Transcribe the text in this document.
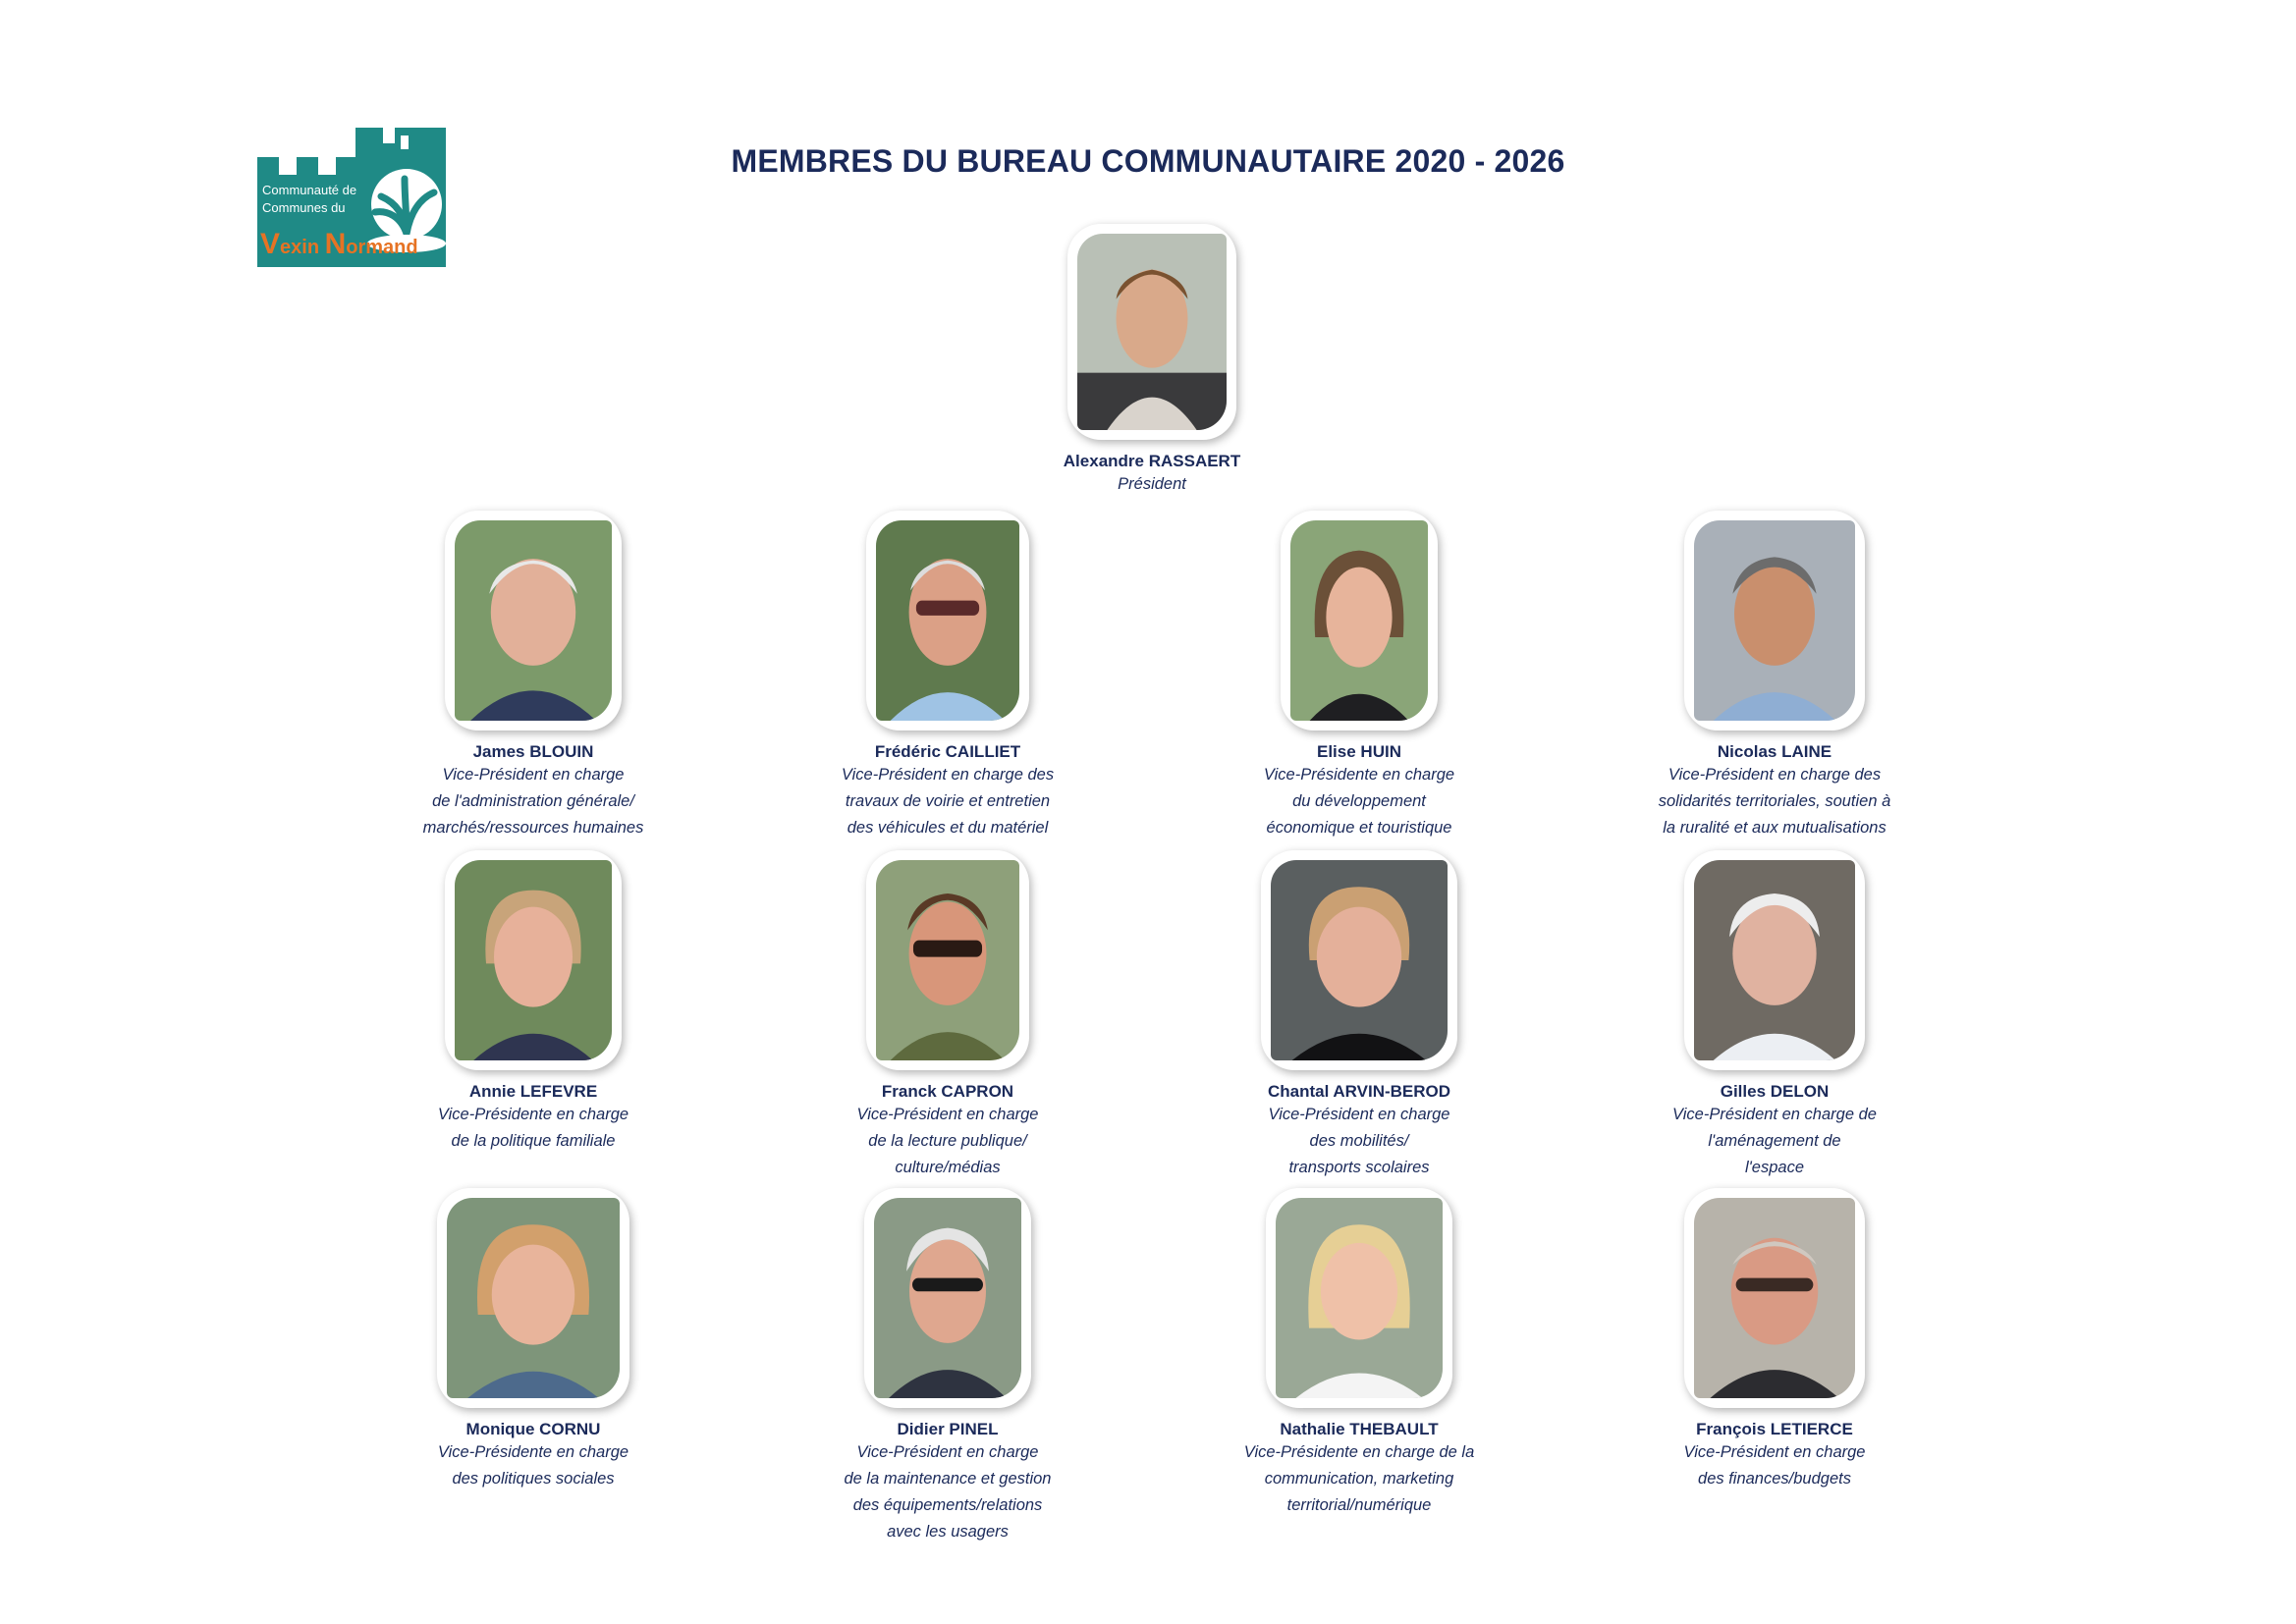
Communauté de
Communes du
Vexin Normand
MEMBRES DU BUREAU COMMUNAUTAIRE 2020 - 2026
Alexandre RASSAERT
Président
James BLOUIN
Vice-Président en charge
de l'administration générale/
marchés/ressources humaines
Frédéric CAILLIET
Vice-Président en charge des
travaux de voirie et entretien
des véhicules et du matériel
Elise HUIN
Vice-Présidente en charge
du développement
économique et touristique
Nicolas LAINE
Vice-Président en charge des
solidarités territoriales, soutien à
la ruralité et aux mutualisations
Annie LEFEVRE
Vice-Présidente en charge
de la politique familiale
Franck CAPRON
Vice-Président en charge
de la lecture publique/
culture/médias
Chantal ARVIN-BEROD
Vice-Président en charge
des mobilités/
transports scolaires
Gilles DELON
Vice-Président en charge de
l'aménagement de
l'espace
Monique CORNU
Vice-Présidente en charge
des politiques sociales
Didier PINEL
Vice-Président en charge
de la maintenance et gestion
des équipements/relations
avec les usagers
Nathalie THEBAULT
Vice-Présidente en charge de la
communication, marketing
territorial/numérique
François LETIERCE
Vice-Président en charge
des finances/budgets
